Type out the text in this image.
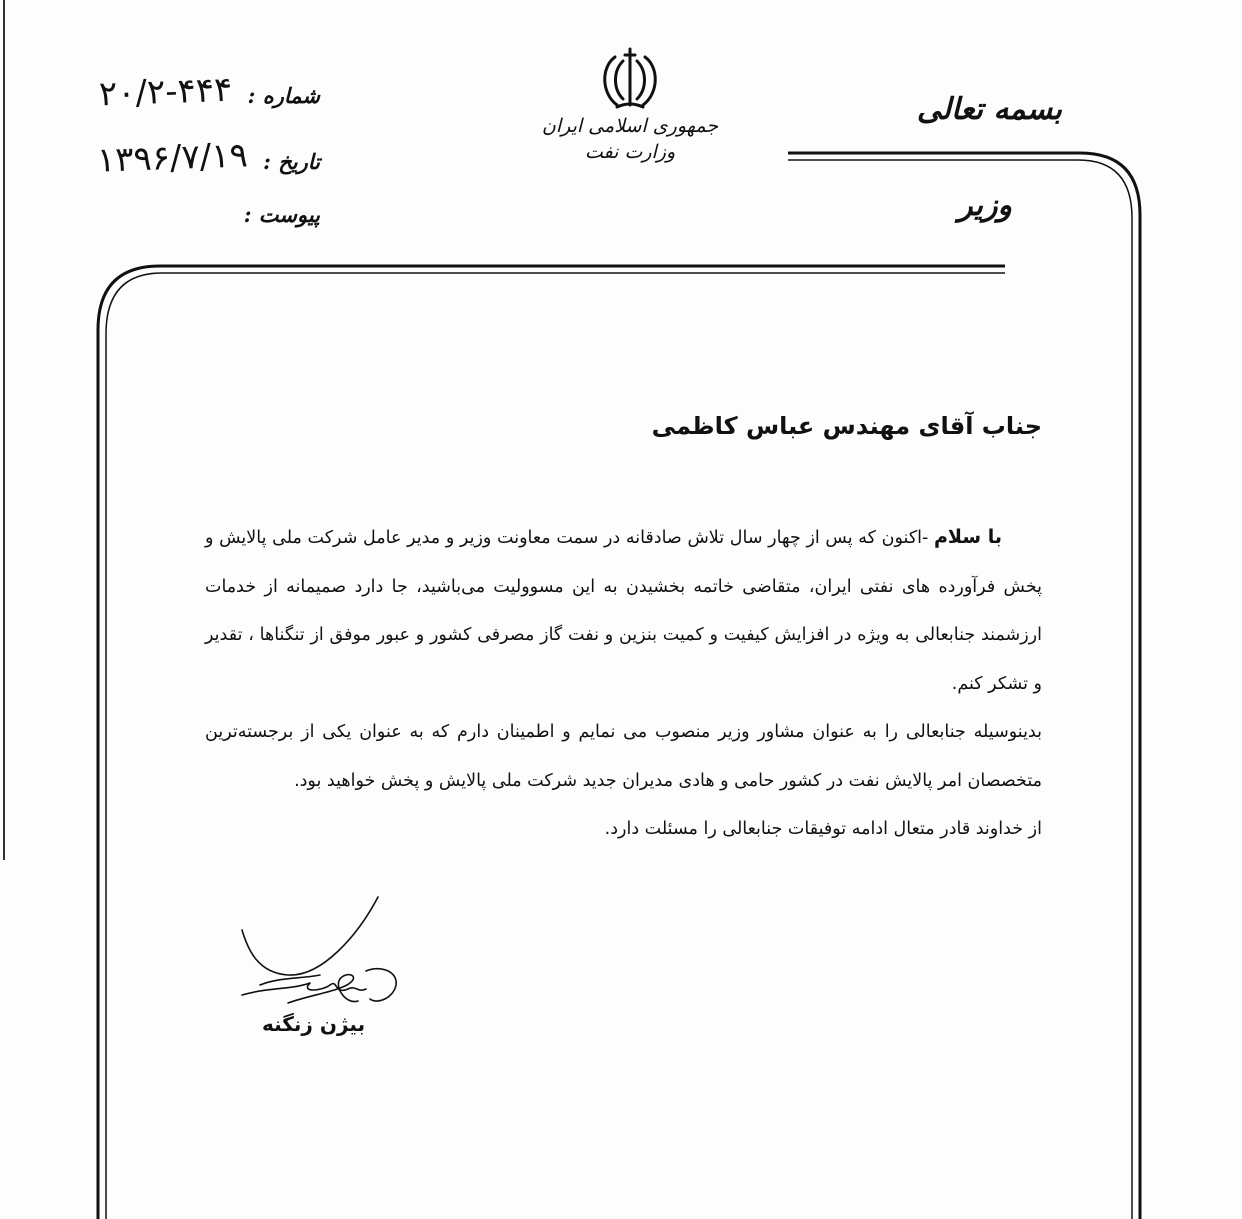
شماره : ۲۰/۲-۴۴۴
تاریخ : ۱۳۹۶/۷/۱۹
پیوست :
جمهوری اسلامی ایران
وزارت نفت
بسمه تعالی
وزیر
جناب آقای مهندس عباس کاظمی

با سلام -اکنون که پس از چهار سال تلاش صادقانه در سمت معاونت وزیر و مدیر عامل شرکت ملی پالایش و پخش فرآورده های نفتی ایران، متقاضی خاتمه بخشیدن به این مسوولیت می‌باشید، جا دارد صمیمانه از خدمات ارزشمند جنابعالی به ویژه در افزایش کیفیت و کمیت بنزین و نفت گاز مصرفی کشور و عبور موفق از تنگناها ، تقدیر و تشکر کنم.

بدینوسیله جنابعالی را به عنوان مشاور وزیر منصوب می نمایم و اطمینان دارم که به عنوان یکی از برجسته‌ترین متخصصان امر پالایش نفت در کشور حامی و هادی مدیران جدید شرکت ملی پالایش و پخش خواهید بود.

از خداوند قادر متعال ادامه توفیقات جنابعالی را مسئلت دارد.

بیژن زنگنه
